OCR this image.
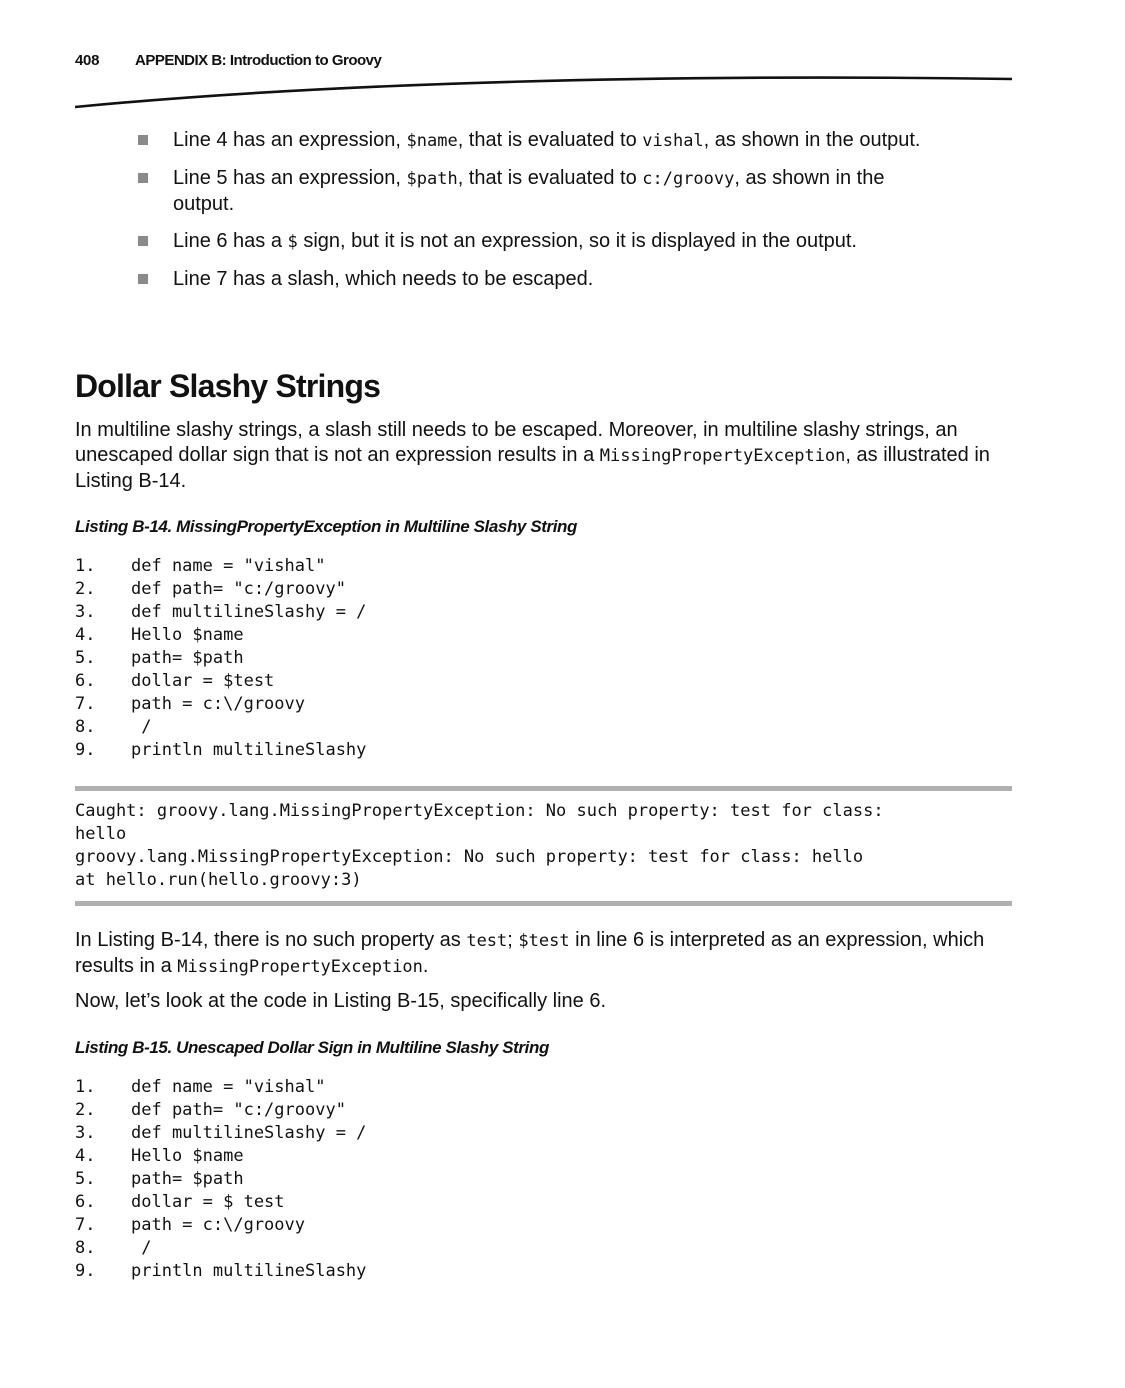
408 APPENDIX B: Introduction to Groovy
Line 4 has an expression, $name, that is evaluated to vishal, as shown in the output.
Line 5 has an expression, $path, that is evaluated to c:/groovy, as shown in the output.
Line 6 has a $ sign, but it is not an expression, so it is displayed in the output.
Line 7 has a slash, which needs to be escaped.
Dollar Slashy Strings

In multiline slashy strings, a slash still needs to be escaped. Moreover, in multiline slashy strings, an unescaped dollar sign that is not an expression results in a MissingPropertyException, as illustrated in Listing B-14.

Listing B-14. MissingPropertyException in Multiline Slashy String

1. def name = "vishal"
2. def path= "c:/groovy"
3. def multilineSlashy = /
4. Hello $name
5. path= $path
6. dollar = $test
7. path = c:\/groovy
8. /
9. println multilineSlashy
Caught: groovy.lang.MissingPropertyException: No such property: test for class:
hello
groovy.lang.MissingPropertyException: No such property: test for class: hello
at hello.run(hello.groovy:3)

In Listing B-14, there is no such property as test; $test in line 6 is interpreted as an expression, which results in a MissingPropertyException.

Now, let’s look at the code in Listing B-15, specifically line 6.

Listing B-15. Unescaped Dollar Sign in Multiline Slashy String

1. def name = "vishal"
2. def path= "c:/groovy"
3. def multilineSlashy = /
4. Hello $name
5. path= $path
6. dollar = $ test
7. path = c:\/groovy
8. /
9. println multilineSlashy
